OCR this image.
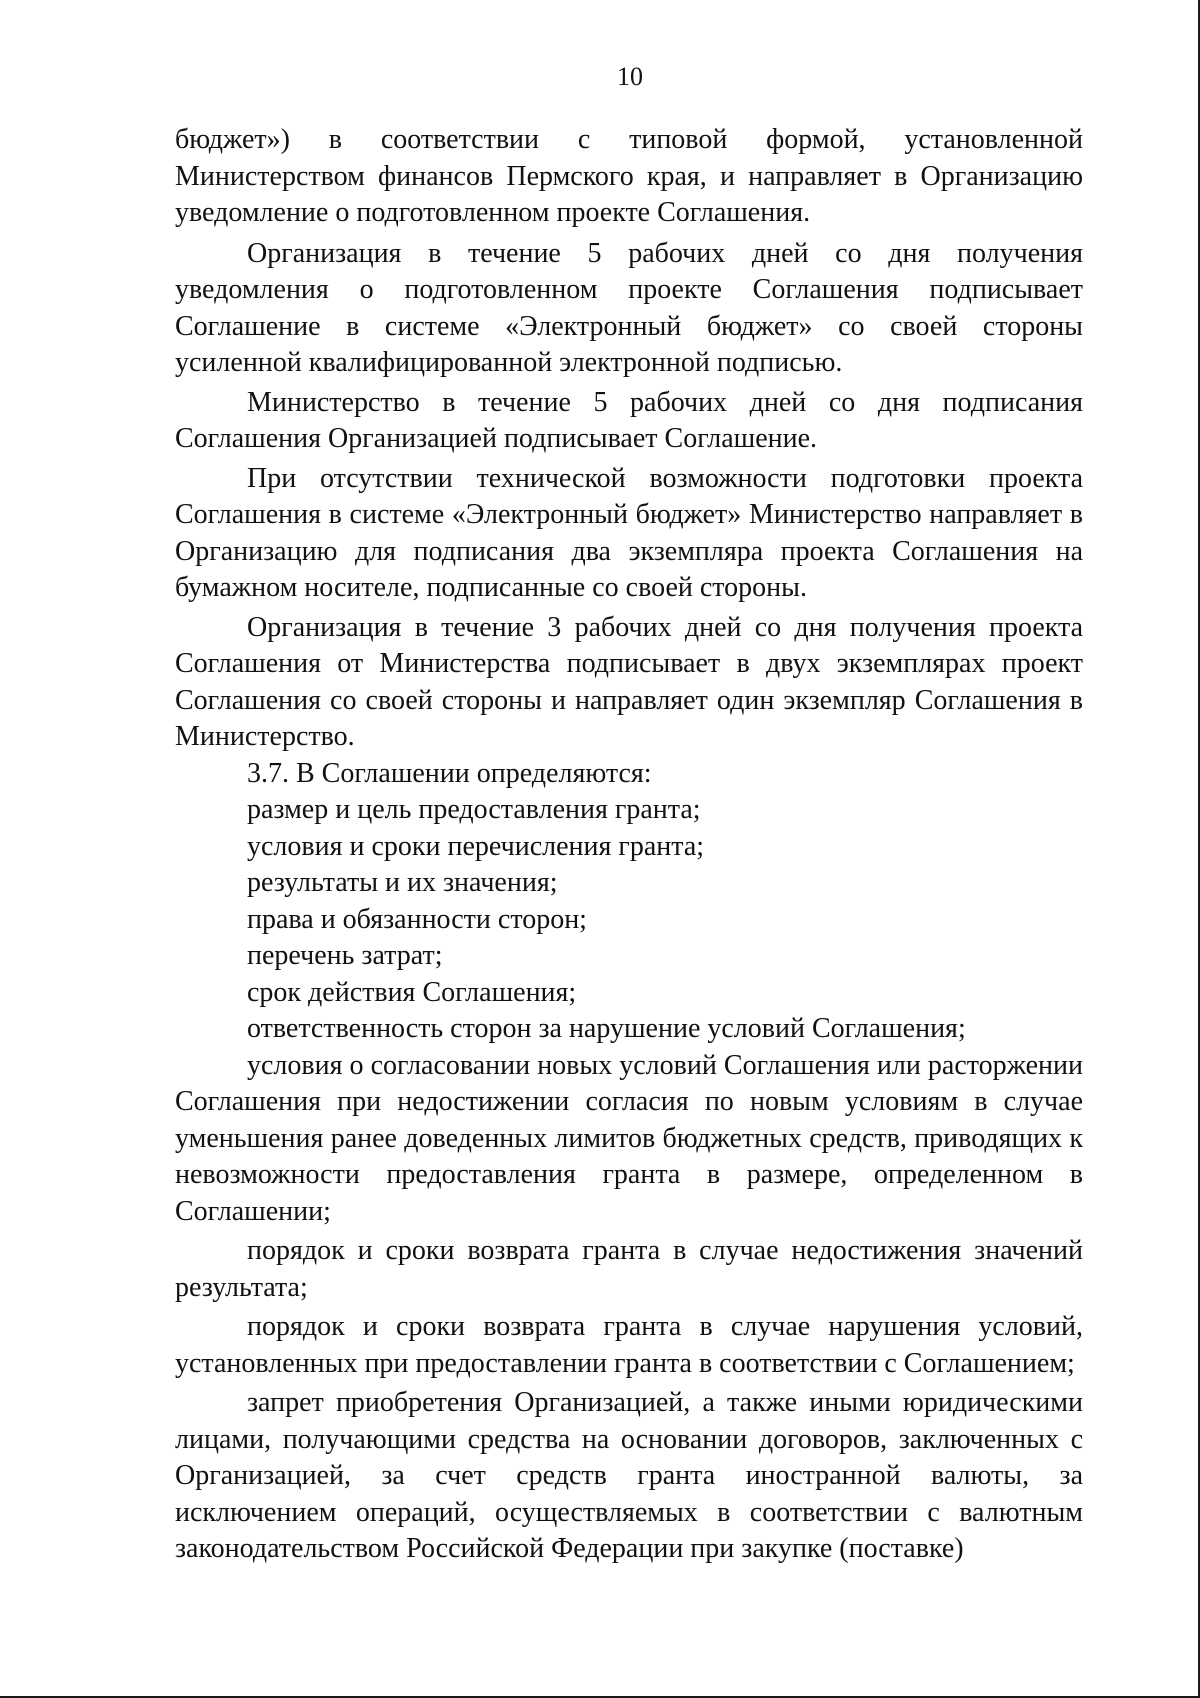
10

бюджет») в соответствии с типовой формой, установленной Министерством финансов Пермского края, и направляет в Организацию уведомление о подготовленном проекте Соглашения.

Организация в течение 5 рабочих дней со дня получения уведомления о подготовленном проекте Соглашения подписывает Соглашение в системе «Электронный бюджет» со своей стороны усиленной квалифицированной электронной подписью.

Министерство в течение 5 рабочих дней со дня подписания Соглашения Организацией подписывает Соглашение.

При отсутствии технической возможности подготовки проекта Соглашения в системе «Электронный бюджет» Министерство направляет в Организацию для подписания два экземпляра проекта Соглашения на бумажном носителе, подписанные со своей стороны.

Организация в течение 3 рабочих дней со дня получения проекта Соглашения от Министерства подписывает в двух экземплярах проект Соглашения со своей стороны и направляет один экземпляр Соглашения в Министерство.

3.7. В Соглашении определяются:

размер и цель предоставления гранта;

условия и сроки перечисления гранта;

результаты и их значения;

права и обязанности сторон;

перечень затрат;

срок действия Соглашения;

ответственность сторон за нарушение условий Соглашения;

условия о согласовании новых условий Соглашения или расторжении Соглашения при недостижении согласия по новым условиям в случае уменьшения ранее доведенных лимитов бюджетных средств, приводящих к невозможности предоставления гранта в размере, определенном в Соглашении;

порядок и сроки возврата гранта в случае недостижения значений результата;

порядок и сроки возврата гранта в случае нарушения условий, установленных при предоставлении гранта в соответствии с Соглашением;

запрет приобретения Организацией, а также иными юридическими лицами, получающими средства на основании договоров, заключенных с Организацией, за счет средств гранта иностранной валюты, за исключением операций, осуществляемых в соответствии с валютным законодательством Российской Федерации при закупке (поставке)
